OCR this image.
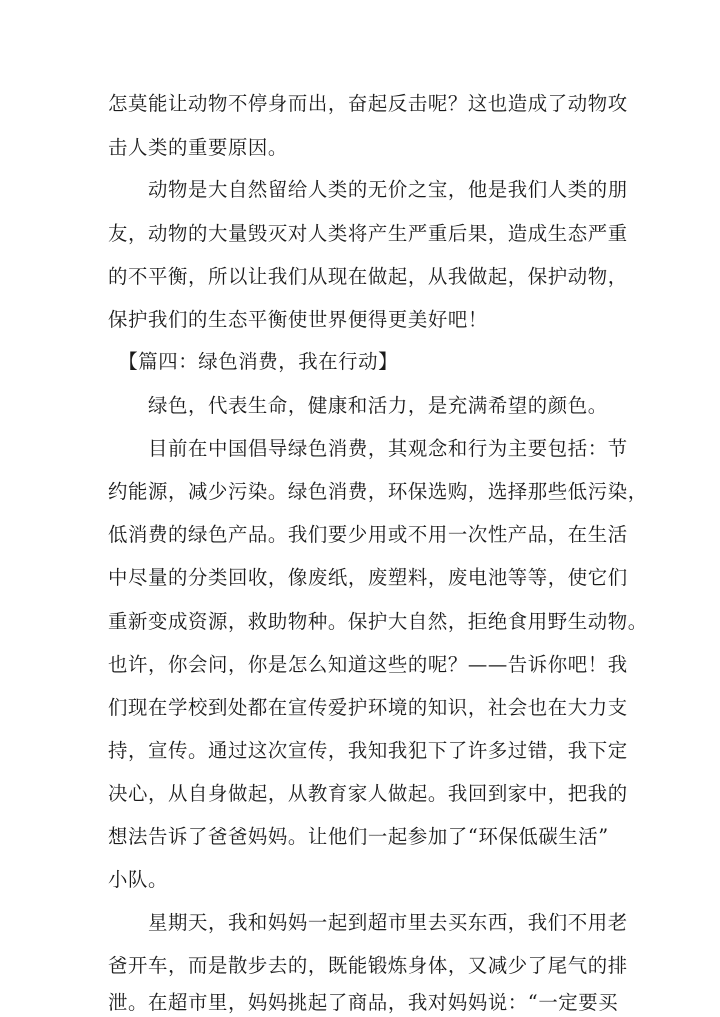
怎莫能让动物不停身而出，奋起反击呢？这也造成了动物攻
击人类的重要原因。
　　动物是大自然留给人类的无价之宝，他是我们人类的朋
友，动物的大量毁灭对人类将产生严重后果，造成生态严重
的不平衡，所以让我们从现在做起，从我做起，保护动物，
保护我们的生态平衡使世界便得更美好吧！
　【篇四：绿色消费，我在行动】
　　绿色，代表生命，健康和活力，是充满希望的颜色。
　　目前在中国倡导绿色消费，其观念和行为主要包括：节
约能源，减少污染。绿色消费，环保选购，选择那些低污染，
低消费的绿色产品。我们要少用或不用一次性产品，在生活
中尽量的分类回收，像废纸，废塑料，废电池等等，使它们
重新变成资源，救助物种。保护大自然，拒绝食用野生动物。
也许，你会问，你是怎么知道这些的呢？——告诉你吧！我
们现在学校到处都在宣传爱护环境的知识，社会也在大力支
持，宣传。通过这次宣传，我知我犯下了许多过错，我下定
决心，从自身做起，从教育家人做起。我回到家中，把我的
想法告诉了爸爸妈妈。让他们一起参加了“环保低碳生活”
小队。
　　星期天，我和妈妈一起到超市里去买东西，我们不用老
爸开车，而是散步去的，既能锻炼身体，又减少了尾气的排
泄。在超市里，妈妈挑起了商品，我对妈妈说：“一定要买
